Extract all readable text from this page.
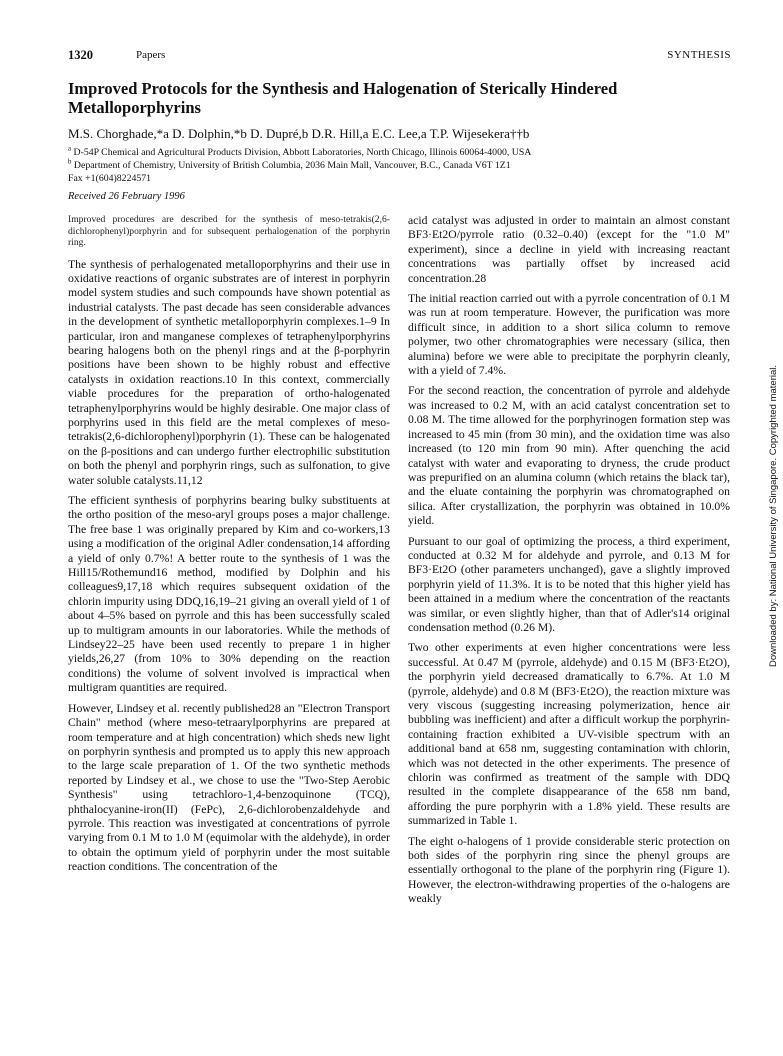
1320	Papers	SYNTHESIS
Improved Protocols for the Synthesis and Halogenation of Sterically Hindered
Metalloporphyrins
M.S. Chorghade,*a D. Dolphin,*b D. Dupré,b D.R. Hill,a E.C. Lee,a T.P. Wijesekera††b
$^a$ D-54P Chemical and Agricultural Products Division, Abbott Laboratories, North Chicago, Illinois 60064-4000, USA
$^b$ Department of Chemistry, University of British Columbia, 2036 Main Mall, Vancouver, B.C., Canada V6T 1Z1
Fax +1(604)8224571
Received 26 February 1996

Improved procedures are described for the synthesis of meso-tetrakis(2,6-dichlorophenyl)porphyrin and for subsequent perhalogenation of the porphyrin ring.

The synthesis of perhalogenated metalloporphyrins and their use in oxidative reactions of organic substrates are of interest in porphyrin model system studies and such compounds have shown potential as industrial catalysts. The past decade has seen considerable advances in the development of synthetic metalloporphyrin complexes.1–9 In particular, iron and manganese complexes of tetraphenylporphyrins bearing halogens both on the phenyl rings and at the β-porphyrin positions have been shown to be highly robust and effective catalysts in oxidation reactions.10 In this context, commercially viable procedures for the preparation of ortho-halogenated tetraphenylporphyrins would be highly desirable. One major class of porphyrins used in this field are the metal complexes of meso-tetrakis(2,6-dichlorophenyl)porphyrin (1). These can be halogenated on the β-positions and can undergo further electrophilic substitution on both the phenyl and porphyrin rings, such as sulfonation, to give water soluble catalysts.11,12

The efficient synthesis of porphyrins bearing bulky substituents at the ortho position of the meso-aryl groups poses a major challenge. The free base 1 was originally prepared by Kim and co-workers,13 using a modification of the original Adler condensation,14 affording a yield of only 0.7%! A better route to the synthesis of 1 was the Hill15/Rothemund16 method, modified by Dolphin and his colleagues9,17,18 which requires subsequent oxidation of the chlorin impurity using DDQ,16,19–21 giving an overall yield of 1 of about 4–5% based on pyrrole and this has been successfully scaled up to multigram amounts in our laboratories. While the methods of Lindsey22–25 have been used recently to prepare 1 in higher yields,26,27 (from 10% to 30% depending on the reaction conditions) the volume of solvent involved is impractical when multigram quantities are required.

However, Lindsey et al. recently published28 an "Electron Transport Chain" method (where meso-tetraarylporphyrins are prepared at room temperature and at high concentration) which sheds new light on porphyrin synthesis and prompted us to apply this new approach to the large scale preparation of 1. Of the two synthetic methods reported by Lindsey et al., we chose to use the "Two-Step Aerobic Synthesis" using tetrachloro-1,4-benzoquinone (TCQ), phthalocyanine-iron(II) (FePc), 2,6-dichlorobenzaldehyde and pyrrole. This reaction was investigated at concentrations of pyrrole varying from 0.1 M to 1.0 M (equimolar with the aldehyde), in order to obtain the optimum yield of porphyrin under the most suitable reaction conditions. The concentration of the

acid catalyst was adjusted in order to maintain an almost constant BF3·Et2O/pyrrole ratio (0.32–0.40) (except for the "1.0 M" experiment), since a decline in yield with increasing reactant concentrations was partially offset by increased acid concentration.28

The initial reaction carried out with a pyrrole concentration of 0.1 M was run at room temperature. However, the purification was more difficult since, in addition to a short silica column to remove polymer, two other chromatographies were necessary (silica, then alumina) before we were able to precipitate the porphyrin cleanly, with a yield of 7.4%.

For the second reaction, the concentration of pyrrole and aldehyde was increased to 0.2 M, with an acid catalyst concentration set to 0.08 M. The time allowed for the porphyrinogen formation step was increased to 45 min (from 30 min), and the oxidation time was also increased (to 120 min from 90 min). After quenching the acid catalyst with water and evaporating to dryness, the crude product was prepurified on an alumina column (which retains the black tar), and the eluate containing the porphyrin was chromatographed on silica. After crystallization, the porphyrin was obtained in 10.0% yield.

Pursuant to our goal of optimizing the process, a third experiment, conducted at 0.32 M for aldehyde and pyrrole, and 0.13 M for BF3·Et2O (other parameters unchanged), gave a slightly improved porphyrin yield of 11.3%. It is to be noted that this higher yield has been attained in a medium where the concentration of the reactants was similar, or even slightly higher, than that of Adler's14 original condensation method (0.26 M).

Two other experiments at even higher concentrations were less successful. At 0.47 M (pyrrole, aldehyde) and 0.15 M (BF3·Et2O), the porphyrin yield decreased dramatically to 6.7%. At 1.0 M (pyrrole, aldehyde) and 0.8 M (BF3·Et2O), the reaction mixture was very viscous (suggesting increasing polymerization, hence air bubbling was inefficient) and after a difficult workup the porphyrin-containing fraction exhibited a UV-visible spectrum with an additional band at 658 nm, suggesting contamination with chlorin, which was not detected in the other experiments. The presence of chlorin was confirmed as treatment of the sample with DDQ resulted in the complete disappearance of the 658 nm band, affording the pure porphyrin with a 1.8% yield. These results are summarized in Table 1.

The eight o-halogens of 1 provide considerable steric protection on both sides of the porphyrin ring since the phenyl groups are essentially orthogonal to the plane of the porphyrin ring (Figure 1). However, the electron-withdrawing properties of the o-halogens are weakly

Downloaded by: National University of Singapore. Copyrighted material.
